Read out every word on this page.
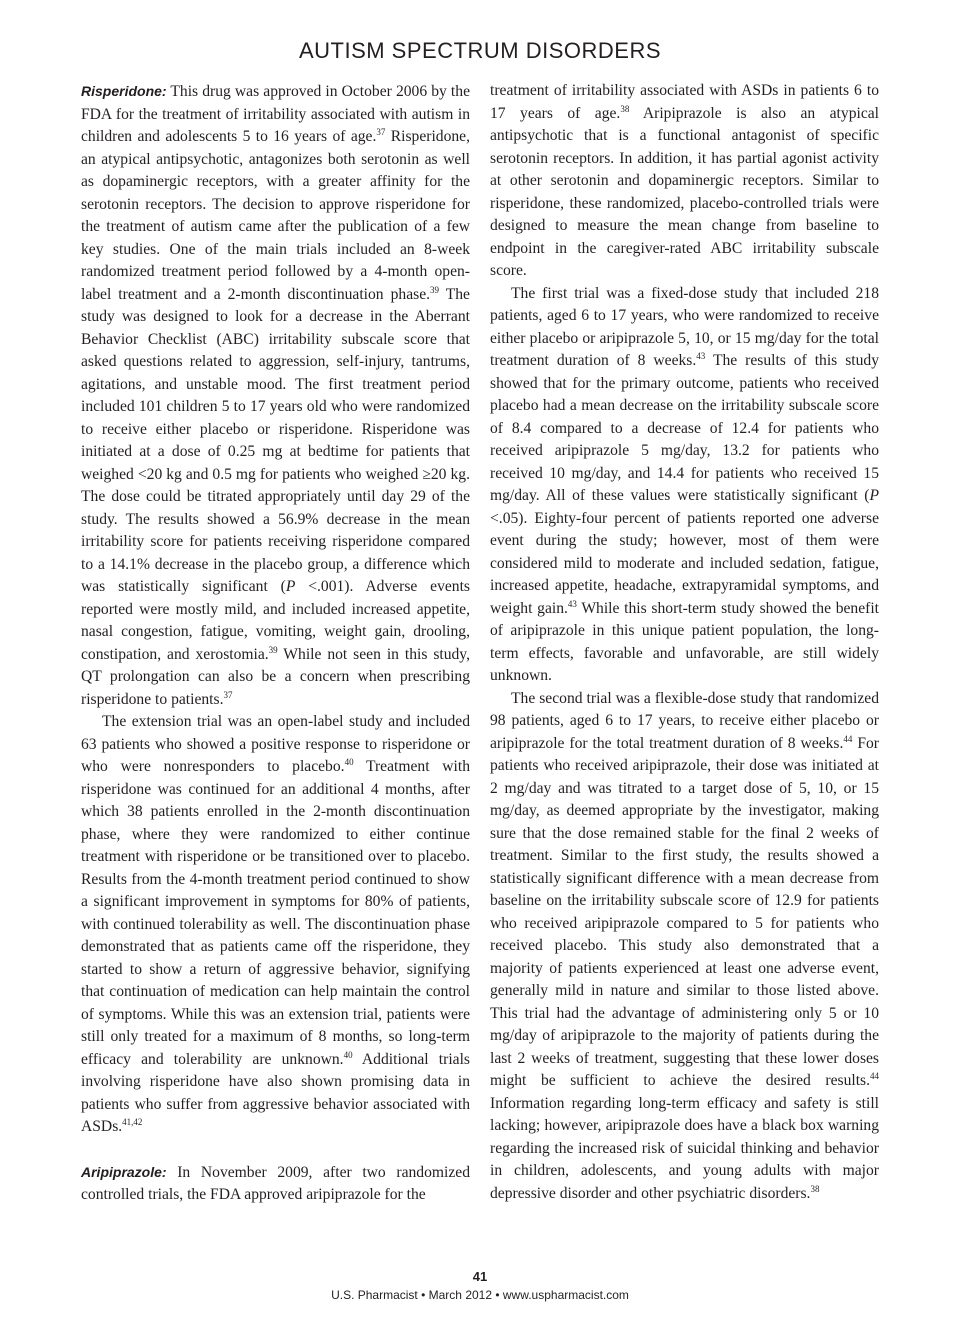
AUTISM SPECTRUM DISORDERS

Risperidone: This drug was approved in October 2006 by the FDA for the treatment of irritability associated with autism in children and adolescents 5 to 16 years of age.$^{37}$ Risperidone, an atypical antipsychotic, antagonizes both serotonin as well as dopaminergic receptors, with a greater affinity for the serotonin receptors. The decision to approve risperidone for the treatment of autism came after the publication of a few key studies. One of the main trials included an 8-week randomized treatment period followed by a 4-month open-label treatment and a 2-month discontinuation phase.$^{39}$ The study was designed to look for a decrease in the Aberrant Behavior Checklist (ABC) irritability subscale score that asked questions related to aggression, self-injury, tantrums, agitations, and unstable mood. The first treatment period included 101 children 5 to 17 years old who were randomized to receive either placebo or risperidone. Risperidone was initiated at a dose of 0.25 mg at bedtime for patients that weighed <20 kg and 0.5 mg for patients who weighed ≥20 kg. The dose could be titrated appropriately until day 29 of the study. The results showed a 56.9% decrease in the mean irritability score for patients receiving risperidone compared to a 14.1% decrease in the placebo group, a difference which was statistically significant (P <.001). Adverse events reported were mostly mild, and included increased appetite, nasal congestion, fatigue, vomiting, weight gain, drooling, constipation, and xerostomia.$^{39}$ While not seen in this study, QT prolongation can also be a concern when prescribing risperidone to patients.$^{37}$

The extension trial was an open-label study and included 63 patients who showed a positive response to risperidone or who were nonresponders to placebo.$^{40}$ Treatment with risperidone was continued for an additional 4 months, after which 38 patients enrolled in the 2-month discontinuation phase, where they were randomized to either continue treatment with risperidone or be transitioned over to placebo. Results from the 4-month treatment period continued to show a significant improvement in symptoms for 80% of patients, with continued tolerability as well. The discontinuation phase demonstrated that as patients came off the risperidone, they started to show a return of aggressive behavior, signifying that continuation of medication can help maintain the control of symptoms. While this was an extension trial, patients were still only treated for a maximum of 8 months, so long-term efficacy and tolerability are unknown.$^{40}$ Additional trials involving risperidone have also shown promising data in patients who suffer from aggressive behavior associated with ASDs.$^{41,42}$

Aripiprazole: In November 2009, after two randomized controlled trials, the FDA approved aripiprazole for the

treatment of irritability associated with ASDs in patients 6 to 17 years of age.$^{38}$ Aripiprazole is also an atypical antipsychotic that is a functional antagonist of specific serotonin receptors. In addition, it has partial agonist activity at other serotonin and dopaminergic receptors. Similar to risperidone, these randomized, placebo-controlled trials were designed to measure the mean change from baseline to endpoint in the caregiver-rated ABC irritability subscale score.

The first trial was a fixed-dose study that included 218 patients, aged 6 to 17 years, who were randomized to receive either placebo or aripiprazole 5, 10, or 15 mg/day for the total treatment duration of 8 weeks.$^{43}$ The results of this study showed that for the primary outcome, patients who received placebo had a mean decrease on the irritability subscale score of 8.4 compared to a decrease of 12.4 for patients who received aripiprazole 5 mg/day, 13.2 for patients who received 10 mg/day, and 14.4 for patients who received 15 mg/day. All of these values were statistically significant (P <.05). Eighty-four percent of patients reported one adverse event during the study; however, most of them were considered mild to moderate and included sedation, fatigue, increased appetite, headache, extrapyramidal symptoms, and weight gain.$^{43}$ While this short-term study showed the benefit of aripiprazole in this unique patient population, the long-term effects, favorable and unfavorable, are still widely unknown.

The second trial was a flexible-dose study that randomized 98 patients, aged 6 to 17 years, to receive either placebo or aripiprazole for the total treatment duration of 8 weeks.$^{44}$ For patients who received aripiprazole, their dose was initiated at 2 mg/day and was titrated to a target dose of 5, 10, or 15 mg/day, as deemed appropriate by the investigator, making sure that the dose remained stable for the final 2 weeks of treatment. Similar to the first study, the results showed a statistically significant difference with a mean decrease from baseline on the irritability subscale score of 12.9 for patients who received aripiprazole compared to 5 for patients who received placebo. This study also demonstrated that a majority of patients experienced at least one adverse event, generally mild in nature and similar to those listed above. This trial had the advantage of administering only 5 or 10 mg/day of aripiprazole to the majority of patients during the last 2 weeks of treatment, suggesting that these lower doses might be sufficient to achieve the desired results.$^{44}$ Information regarding long-term efficacy and safety is still lacking; however, aripiprazole does have a black box warning regarding the increased risk of suicidal thinking and behavior in children, adolescents, and young adults with major depressive disorder and other psychiatric disorders.$^{38}$

41
U.S. Pharmacist • March 2012 • www.uspharmacist.com
